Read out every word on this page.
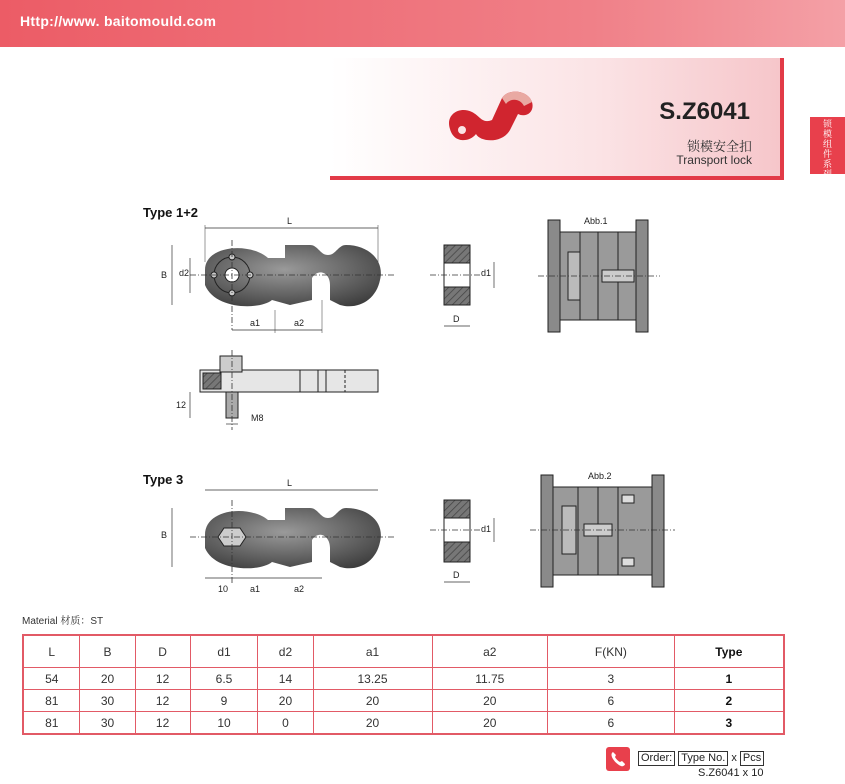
Http://www. baitomould.com
S.Z6041
锁模安全扣
Transport lock
锁模组件系列
Type 1+2
Type 3
L
B d2
a1	a2
d1
D
Abb.1
12
M8
L
B
10 a1	a2
d1
D
Abb.2
Material 材质：ST
L	B	D	d1	d2	a1	a2	F(KN)	Type
54	20	12	6.5	14	13.25	11.75	3	1
81	30	12	9	20	20	20	6	2
81	30	12	10	0	20	20	6	3
Order: Type No. x Pcs
S.Z6041 x 10
